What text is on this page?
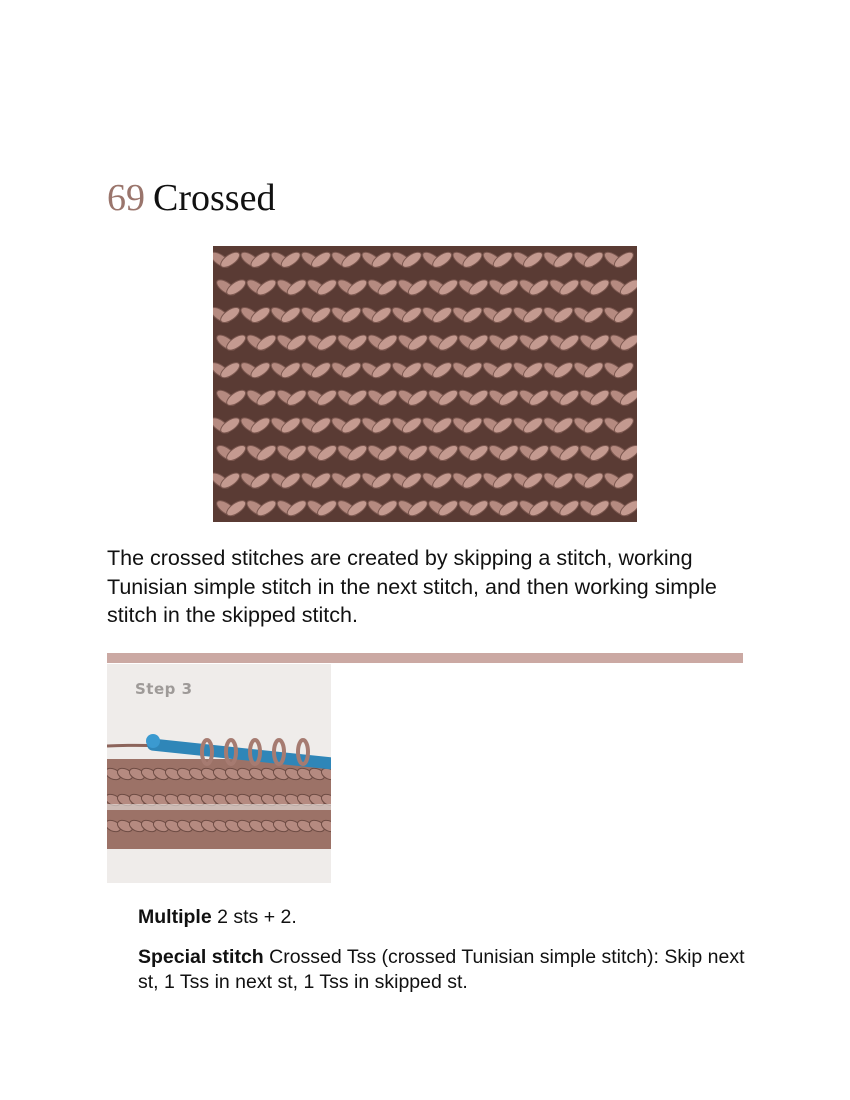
69 Crossed

The crossed stitches are created by skipping a stitch, working Tunisian simple stitch in the next stitch, and then working simple stitch in the skipped stitch.

Step 3

Multiple 2 sts + 2.

Special stitch Crossed Tss (crossed Tunisian simple stitch): Skip next st, 1 Tss in next st, 1 Tss in skipped st.
